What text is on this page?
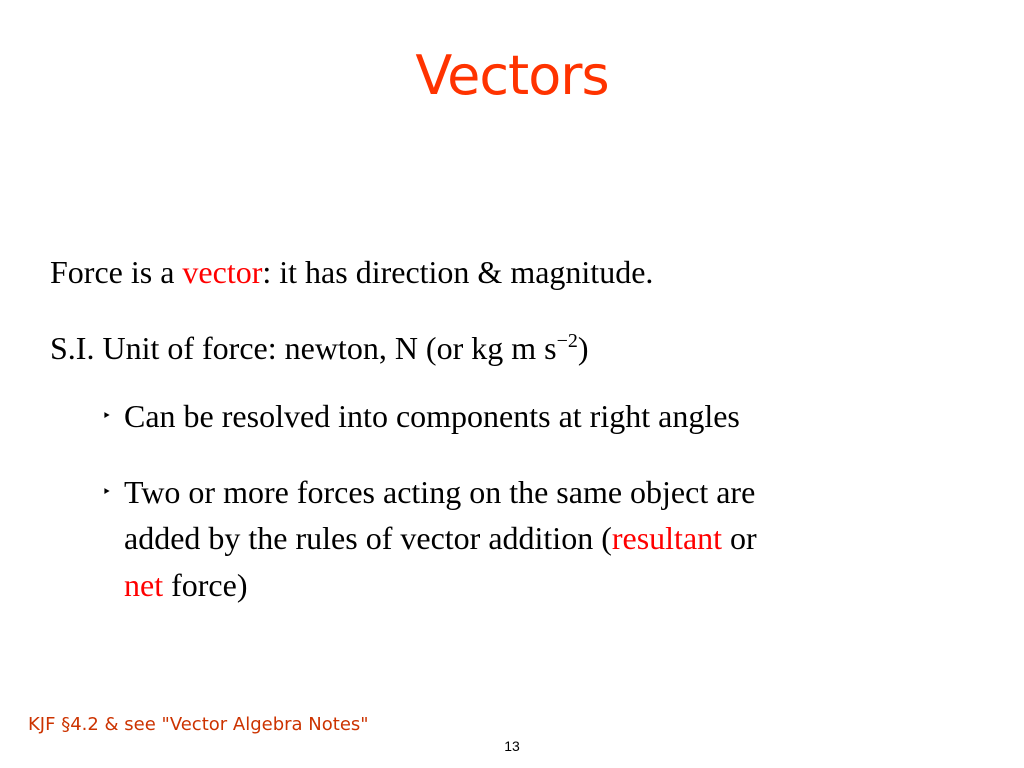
Vectors
Force is a vector: it has direction & magnitude.
S.I. Unit of force: newton, N (or kg m $s^{-2}$)
‣ Can be resolved into components at right angles
‣ Two or more forces acting on the same object are
added by the rules of vector addition (resultant or
net force)
KJF §4.2 & see "Vector Algebra Notes"
13
